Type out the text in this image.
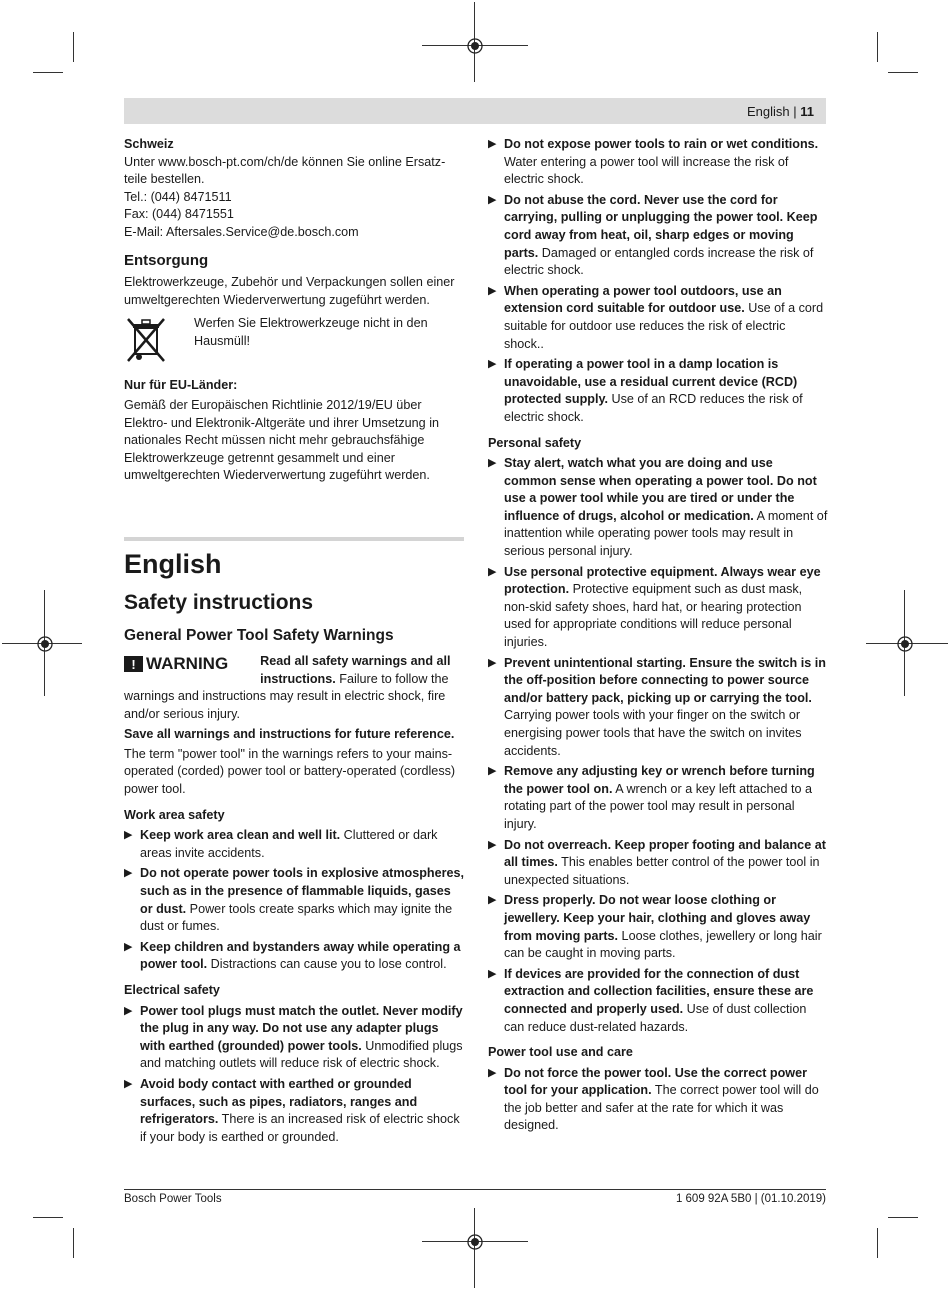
English | 11

Schweiz

Unter www.bosch-pt.com/ch/de können Sie online Ersatz-

teile bestellen.

Tel.: (044) 8471511

Fax: (044) 8471551

E-Mail: Aftersales.Service@de.bosch.com

Entsorgung

Elektrowerkzeuge, Zubehör und Verpackungen sollen einer umweltgerechten Wiederverwertung zugeführt werden.

Werfen Sie Elektrowerkzeuge nicht in den Hausmüll!

Nur für EU-Länder:

Gemäß der Europäischen Richtlinie 2012/19/EU über Elektro- und Elektronik-Altgeräte und ihrer Umsetzung in nationales Recht müssen nicht mehr gebrauchsfähige Elektrowerkzeuge getrennt gesammelt und einer umweltgerechten Wiederverwertung zugeführt werden.

English

Safety instructions

General Power Tool Safety Warnings

! WARNING	Read all safety warnings and all instructions. Failure to follow the warnings and instructions may result in electric shock, fire and/or serious injury.

Save all warnings and instructions for future reference.

The term "power tool" in the warnings refers to your mains-operated (corded) power tool or battery-operated (cordless) power tool.

Work area safety

▶ Keep work area clean and well lit. Cluttered or dark areas invite accidents.
▶ Do not operate power tools in explosive atmospheres, such as in the presence of flammable liquids, gases or dust. Power tools create sparks which may ignite the dust or fumes.
▶ Keep children and bystanders away while operating a power tool. Distractions can cause you to lose control.

Electrical safety

▶ Power tool plugs must match the outlet. Never modify the plug in any way. Do not use any adapter plugs with earthed (grounded) power tools. Unmodified plugs and matching outlets will reduce risk of electric shock.
▶ Avoid body contact with earthed or grounded surfaces, such as pipes, radiators, ranges and refrigerators. There is an increased risk of electric shock if your body is earthed or grounded.
▶ Do not expose power tools to rain or wet conditions. Water entering a power tool will increase the risk of electric shock.
▶ Do not abuse the cord. Never use the cord for carrying, pulling or unplugging the power tool. Keep cord away from heat, oil, sharp edges or moving parts. Damaged or entangled cords increase the risk of electric shock.
▶ When operating a power tool outdoors, use an extension cord suitable for outdoor use. Use of a cord suitable for outdoor use reduces the risk of electric shock..
▶ If operating a power tool in a damp location is unavoidable, use a residual current device (RCD) protected supply. Use of an RCD reduces the risk of electric shock.

Personal safety

▶ Stay alert, watch what you are doing and use common sense when operating a power tool. Do not use a power tool while you are tired or under the influence of drugs, alcohol or medication. A moment of inattention while operating power tools may result in serious personal injury.
▶ Use personal protective equipment. Always wear eye protection. Protective equipment such as dust mask, non-skid safety shoes, hard hat, or hearing protection used for appropriate conditions will reduce personal injuries.
▶ Prevent unintentional starting. Ensure the switch is in the off-position before connecting to power source and/or battery pack, picking up or carrying the tool. Carrying power tools with your finger on the switch or energising power tools that have the switch on invites accidents.
▶ Remove any adjusting key or wrench before turning the power tool on. A wrench or a key left attached to a rotating part of the power tool may result in personal injury.
▶ Do not overreach. Keep proper footing and balance at all times. This enables better control of the power tool in unexpected situations.
▶ Dress properly. Do not wear loose clothing or jewellery. Keep your hair, clothing and gloves away from moving parts. Loose clothes, jewellery or long hair can be caught in moving parts.
▶ If devices are provided for the connection of dust extraction and collection facilities, ensure these are connected and properly used. Use of dust collection can reduce dust-related hazards.

Power tool use and care

▶ Do not force the power tool. Use the correct power tool for your application. The correct power tool will do the job better and safer at the rate for which it was designed.
Bosch Power Tools	1 609 92A 5B0 | (01.10.2019)
